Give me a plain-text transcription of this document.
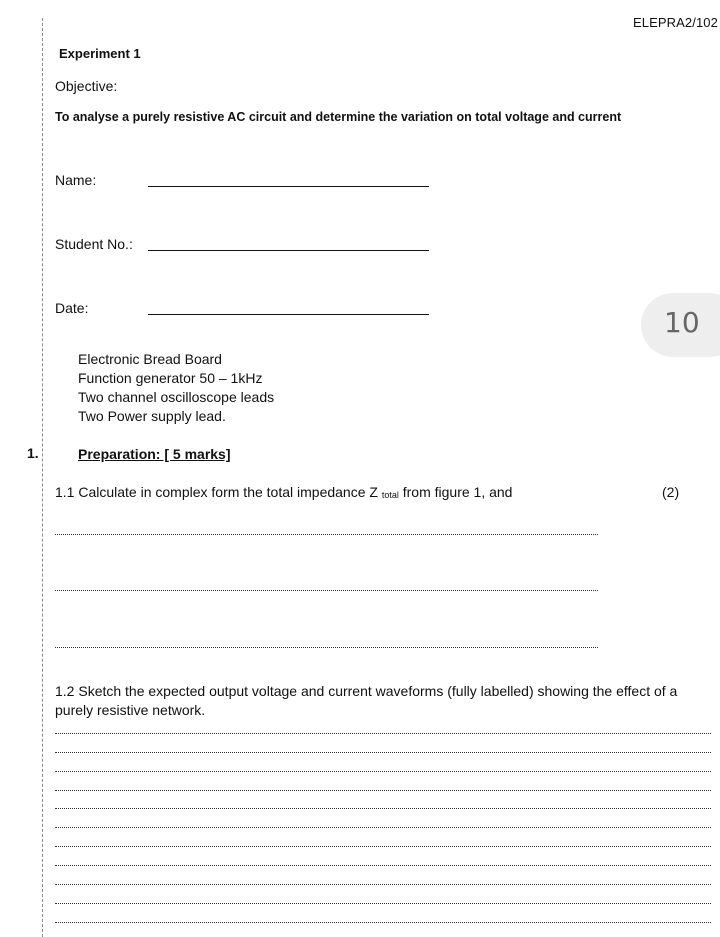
ELEPRA2/102
Experiment 1
Objective:
To analyse a purely resistive AC circuit and determine the variation on total voltage and current
Name:
Student No.:
Date:	10
Electronic Bread Board
Function generator 50 – 1kHz
Two channel oscilloscope leads
Two Power supply lead.
1.	Preparation: [ 5 marks]
1.1 Calculate in complex form the total impedance Z $_{total}$ from figure 1, and	(2)
1.2 Sketch the expected output voltage and current waveforms (fully labelled) showing the effect of a
purely resistive network.
